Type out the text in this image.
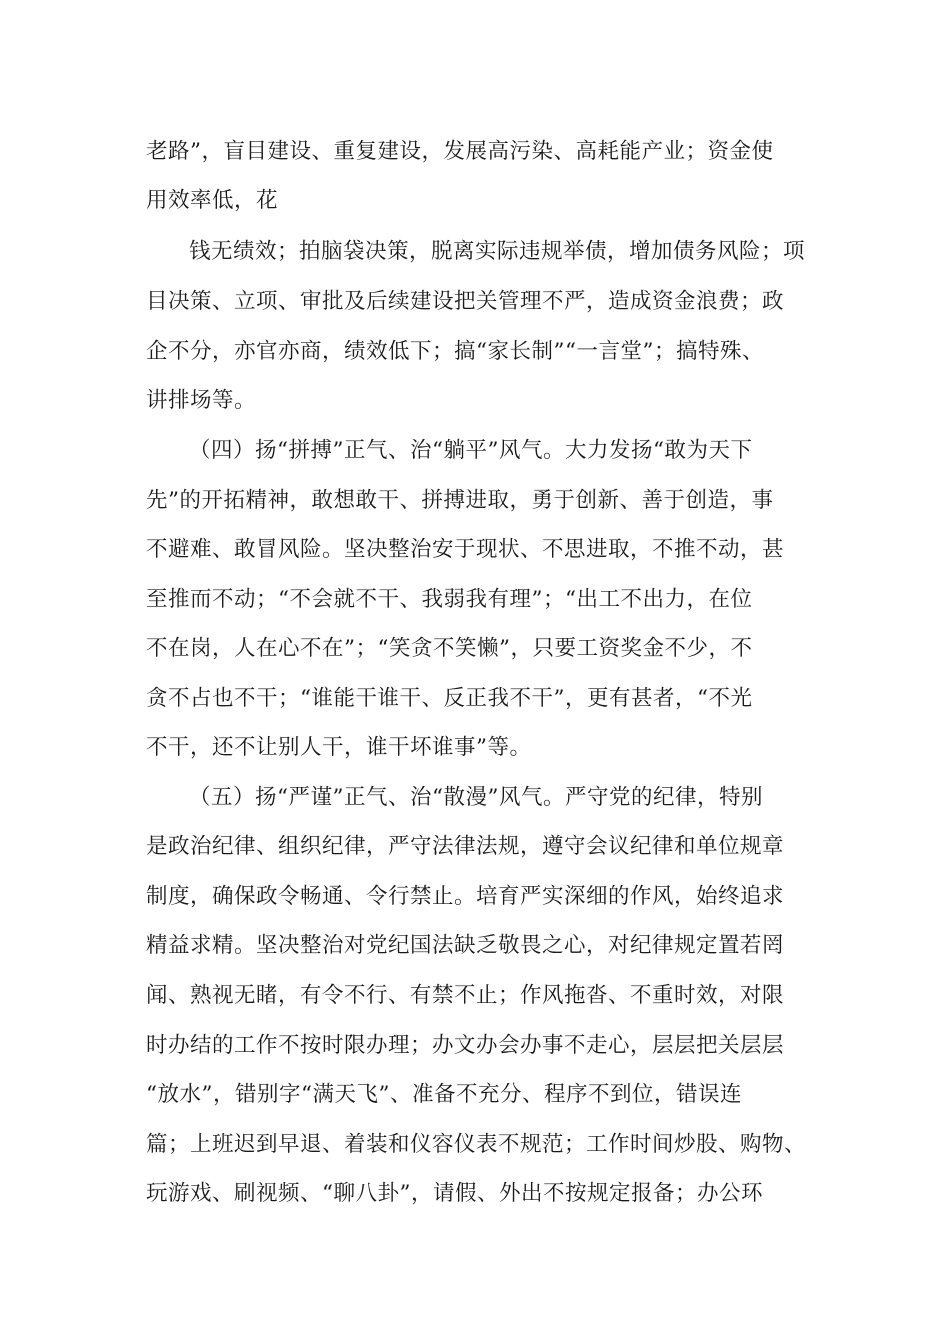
老路”，盲目建设、重复建设，发展高污染、高耗能产业；资金使
用效率低，花
钱无绩效；拍脑袋决策，脱离实际违规举债，增加债务风险；项
目决策、立项、审批及后续建设把关管理不严，造成资金浪费；政
企不分，亦官亦商，绩效低下；搞“家长制”“一言堂”；搞特殊、
讲排场等。
（四）扬“拼搏”正气、治“躺平”风气。大力发扬“敢为天下
先”的开拓精神，敢想敢干、拼搏进取，勇于创新、善于创造，事
不避难、敢冒风险。坚决整治安于现状、不思进取，不推不动，甚
至推而不动；“不会就不干、我弱我有理”；“出工不出力，在位
不在岗，人在心不在”；“笑贪不笑懒”，只要工资奖金不少，不
贪不占也不干；“谁能干谁干、反正我不干”，更有甚者，“不光
不干，还不让别人干，谁干坏谁事”等。
（五）扬“严谨”正气、治“散漫”风气。严守党的纪律，特别
是政治纪律、组织纪律，严守法律法规，遵守会议纪律和单位规章
制度，确保政令畅通、令行禁止。培育严实深细的作风，始终追求
精益求精。坚决整治对党纪国法缺乏敬畏之心，对纪律规定置若罔
闻、熟视无睹，有令不行、有禁不止；作风拖沓、不重时效，对限
时办结的工作不按时限办理；办文办会办事不走心，层层把关层层
“放水”，错别字“满天飞”、准备不充分、程序不到位，错误连
篇；上班迟到早退、着装和仪容仪表不规范；工作时间炒股、购物、
玩游戏、刷视频、“聊八卦”，请假、外出不按规定报备；办公环
